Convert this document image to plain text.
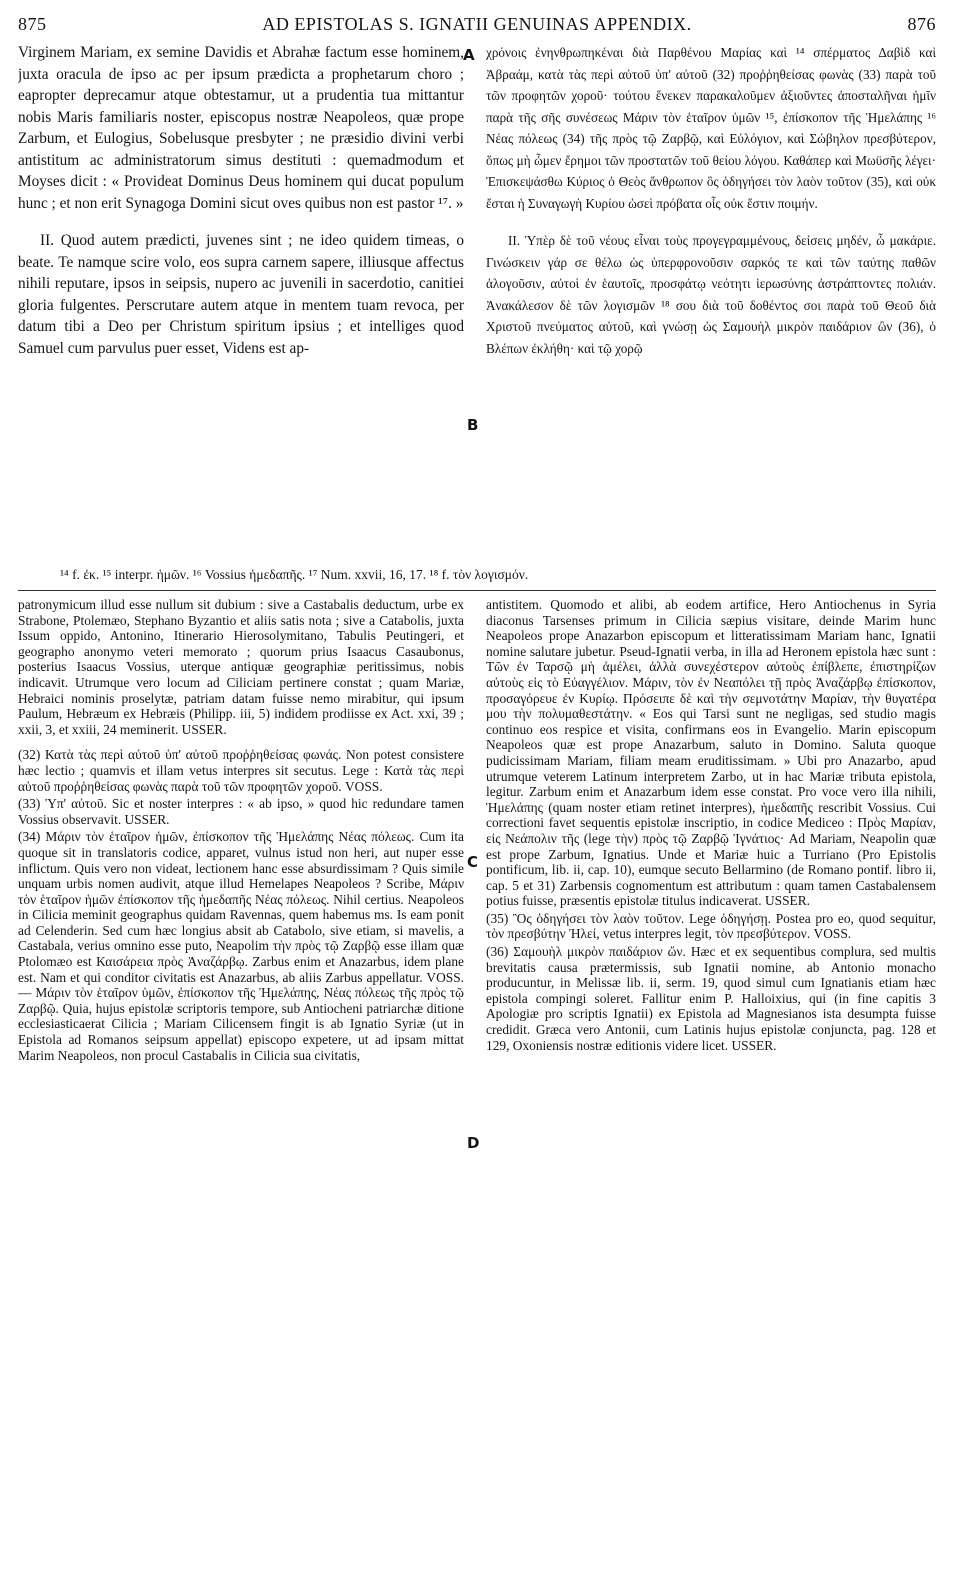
875	AD EPISTOLAS S. IGNATII GENUINAS APPENDIX.	876

Virginem Mariam, ex semine Davidis et Abrahæ factum esse hominem, juxta oracula de ipso ac per ipsum prædicta a prophetarum choro ; eapropter deprecamur atque obtestamur, ut a prudentia tua mittantur nobis Maris familiaris noster, episcopus nostræ Neapoleos, quæ prope Zarbum, et Eulogius, Sobelusque presbyter ; ne præsidio divini verbi antistitum ac administratorum simus destituti : quemadmodum et Moyses dicit : « Provideat Dominus Deus hominem qui ducat populum hunc ; et non erit Synagoga Domini sicut oves quibus non est pastor ¹⁷. »

II. Quod autem prædicti, juvenes sint ; ne ideo quidem timeas, o beate. Te namque scire volo, eos supra carnem sapere, illiusque affectus nihili reputare, ipsos in seipsis, nupero ac juvenili in sacerdotio, canitiei gloria fulgentes. Perscrutare autem atque in mentem tuam revoca, per datum tibi a Deo per Christum spiritum ipsius ; et intelliges quod Samuel cum parvulus puer esset, Videns est ap-

A
B

χρόνοις ἐνηνθρωπηκέναι διὰ Παρθένου Μαρίας καὶ ¹⁴ σπέρματος Δαβὶδ καὶ Ἀβραάμ, κατὰ τὰς περὶ αὐτοῦ ὑπ' αὐτοῦ (32) προῤῥηθείσας φωνὰς (33) παρὰ τοῦ τῶν προφητῶν χοροῦ· τούτου ἕνεκεν παρακαλοῦμεν ἀξιοῦντες ἀποσταλῆναι ἡμῖν παρὰ τῆς σῆς συνέσεως Μάριν τὸν ἑταῖρον ὑμῶν ¹⁵, ἐπίσκοπον τῆς Ἡμελάπης ¹⁶ Νέας πόλεως (34) τῆς πρὸς τῷ Ζαρβῷ, καὶ Εὐλόγιον, καὶ Σώβηλον πρεσβύτερον, ὅπως μὴ ὦμεν ἔρημοι τῶν προστατῶν τοῦ θείου λόγου. Καθάπερ καὶ Μωϋσῆς λέγει· Ἐπισκεψάσθω Κύριος ὁ Θεὸς ἄνθρωπον ὃς ὁδηγήσει τὸν λαὸν τοῦτον (35), καὶ οὐκ ἔσται ἡ Συναγωγὴ Κυρίου ὡσεὶ πρόβατα οἷς οὐκ ἔστιν ποιμήν.

II. Ὑπὲρ δὲ τοῦ νέους εἶναι τοὺς προγεγραμμένους, δείσεις μηδέν, ὦ μακάριε. Γινώσκειν γάρ σε θέλω ὡς ὑπερφρονοῦσιν σαρκός τε καὶ τῶν ταύτης παθῶν ἀλογοῦσιν, αὐτοὶ ἐν ἑαυτοῖς, προσφάτῳ νεότητι ἱερωσύνης ἀστράπτοντες πολιάν. Ἀνακάλεσον δὲ τῶν λογισμῶν ¹⁸ σου διὰ τοῦ δοθέντος σοι παρὰ τοῦ Θεοῦ διὰ Χριστοῦ πνεύματος αὐτοῦ, καὶ γνώσῃ ὡς Σαμουὴλ μικρὸν παιδάριον ὢν (36), ὁ Βλέπων ἐκλήθη· καὶ τῷ χορῷ

¹⁴ f. ἐκ. ¹⁵ interpr. ἡμῶν. ¹⁶ Vossius ἡμεδαπῆς. ¹⁷ Num. xxvii, 16, 17. ¹⁸ f. τὸν λογισμόν.

patronymicum illud esse nullum sit dubium : sive a Castabalis deductum, urbe ex Strabone, Ptolemæo, Stephano Byzantio et aliis satis nota ; sive a Catabolis, juxta Issum oppido, Antonino, Itinerario Hierosolymitano, Tabulis Peutingeri, et geographo anonymo veteri memorato ; quorum prius Isaacus Casaubonus, posterius Isaacus Vossius, uterque antiquæ geographiæ peritissimus, nobis indicavit. Utrumque vero locum ad Ciliciam pertinere constat ; quam Mariæ, Hebraici nominis proselytæ, patriam datam fuisse nemo mirabitur, qui ipsum Paulum, Hebræum ex Hebræis (Philipp. iii, 5) indidem prodiisse ex Act. xxi, 39 ; xxii, 3, et xxiii, 24 meminerit. USSER.

(32) Κατὰ τὰς περὶ αὐτοῦ ὑπ' αὐτοῦ προῤῥηθείσας φωνάς. Non potest consistere hæc lectio ; quamvis et illam vetus interpres sit secutus. Lege : Κατὰ τὰς περὶ αὐτοῦ προῤῥηθείσας φωνὰς παρὰ τοῦ τῶν προφητῶν χοροῦ. VOSS.

(33) Ὑπ' αὐτοῦ. Sic et noster interpres : « ab ipso, » quod hic redundare tamen Vossius observavit. USSER.

(34) Μάριν τὸν ἑταῖρον ἡμῶν, ἐπίσκοπον τῆς Ἡμελάπης Νέας πόλεως. Cum ita quoque sit in translatoris codice, apparet, vulnus istud non heri, aut nuper esse inflictum. Quis vero non videat, lectionem hanc esse absurdissimam ? Quis simile unquam urbis nomen audivit, atque illud Hemelapes Neapoleos ? Scribe, Μάριν τὸν ἑταῖρον ἡμῶν ἐπίσκοπον τῆς ἡμεδαπῆς Νέας πόλεως. Nihil certius. Neapoleos in Cilicia meminit geographus quidam Ravennas, quem habemus ms. Is eam ponit ad Celenderin. Sed cum hæc longius absit ab Catabolo, sive etiam, si mavelis, a Castabala, verius omnino esse puto, Neapolim τὴν πρὸς τῷ Ζαρβῷ esse illam quæ Ptolomæo est Καισάρεια πρὸς Ἀναζάρβῳ. Zarbus enim et Anazarbus, idem plane est. Nam et qui conditor civitatis est Anazarbus, ab aliis Zarbus appellatur. VOSS. — Μάριν τὸν ἑταῖρον ὑμῶν, ἐπίσκοπον τῆς Ἡμελάπης, Νέας πόλεως τῆς πρὸς τῷ Ζαρβῷ. Quia, hujus epistolæ scriptoris tempore, sub Antiocheni patriarchæ ditione ecclesiasticaerat Cilicia ; Mariam Cilicensem fingit is ab Ignatio Syriæ (ut in Epistola ad Romanos seipsum appellat) episcopo expetere, ut ad ipsam mittat Marim Neapoleos, non procul Castabalis in Cilicia sua civitatis,

C
D

antistitem. Quomodo et alibi, ab eodem artifice, Hero Antiochenus in Syria diaconus Tarsenses primum in Cilicia sæpius visitare, deinde Marim hunc Neapoleos prope Anazarbon episcopum et litteratissimam Mariam hanc, Ignatii nomine salutare jubetur. Pseud-Ignatii verba, in illa ad Heronem epistola hæc sunt : Τῶν ἐν Ταρσῷ μὴ ἀμέλει, ἀλλὰ συνεχέστερον αὐτοὺς ἐπίβλεπε, ἐπιστηρίζων αὐτοὺς εἰς τὸ Εὐαγγέλιον. Μάριν, τὸν ἐν Νεαπόλει τῇ πρὸς Ἀναζάρβῳ ἐπίσκοπον, προσαγόρευε ἐν Κυρίῳ. Πρόσειπε δὲ καὶ τὴν σεμνοτάτην Μαρίαν, τὴν θυγατέρα μου τὴν πολυμαθεστάτην. « Eos qui Tarsi sunt ne negligas, sed studio magis continuo eos respice et visita, confirmans eos in Evangelio. Marin episcopum Neapoleos quæ est prope Anazarbum, saluto in Domino. Saluta quoque pudicissimam Mariam, filiam meam eruditissimam. » Ubi pro Anazarbo, apud utrumque veterem Latinum interpretem Zarbo, ut in hac Mariæ tributa epistola, legitur. Zarbum enim et Anazarbum idem esse constat. Pro voce vero illa nihili, Ἡμελάπης (quam noster etiam retinet interpres), ἡμεδαπῆς rescribit Vossius. Cui correctioni favet sequentis epistolæ inscriptio, in codice Mediceo : Πρὸς Μαρίαν, εἰς Νεάπολιν τῆς (lege τὴν) πρὸς τῷ Ζαρβῷ Ἰγνάτιος· Ad Mariam, Neapolin quæ est prope Zarbum, Ignatius. Unde et Mariæ huic a Turriano (Pro Epistolis pontificum, lib. ii, cap. 10), eumque secuto Bellarmino (de Romano pontif. libro ii, cap. 5 et 31) Zarbensis cognomentum est attributum : quam tamen Castabalensem potius fuisse, præsentis epistolæ titulus indicaverat. USSER.

(35) Ὃς ὁδηγήσει τὸν λαὸν τοῦτον. Lege ὁδηγήσῃ. Postea pro eo, quod sequitur, τὸν πρεσβύτην Ἠλεί, vetus interpres legit, τὸν πρεσβύτερον. VOSS.

(36) Σαμουὴλ μικρὸν παιδάριον ὤν. Hæc et ex sequentibus complura, sed multis brevitatis causa prætermissis, sub Ignatii nomine, ab Antonio monacho producuntur, in Melissæ lib. ii, serm. 19, quod simul cum Ignatianis etiam hæc epistola compingi soleret. Fallitur enim P. Halloixius, qui (in fine capitis 3 Apologiæ pro scriptis Ignatii) ex Epistola ad Magnesianos ista desumpta fuisse credidit. Græca vero Antonii, cum Latinis hujus epistolæ conjuncta, pag. 128 et 129, Oxoniensis nostræ editionis videre licet. USSER.
